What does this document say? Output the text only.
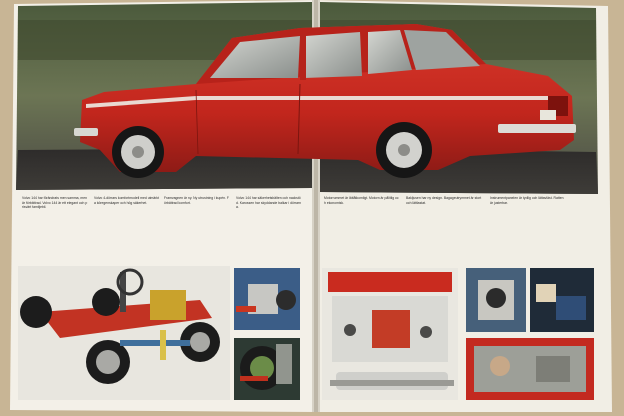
Volvo 144 har förändrats men samma, men är förbättrad. Volvo 144 är ett elegant och prisvärt familjebil.
Volvo 4-dörrars komfortmodell med utmärkta köregenskaper och hög säkerhet.
Framvagnen är ny. Ny utrustning i kupén. Förbättrad komfort.
Volvo 144 har säkerhetsbälten och nackstöd. Karossen har skyddande balkar i dörrarna.
Motorrummet är lättåtkomligt. Motorn är pålitlig och ekonomisk.
Bakljusen har ny design. Bagageutrymmet är stort och lättlastat.
Instrumentpanelen är tydlig och lättavläst. Ratten är justerbar.
